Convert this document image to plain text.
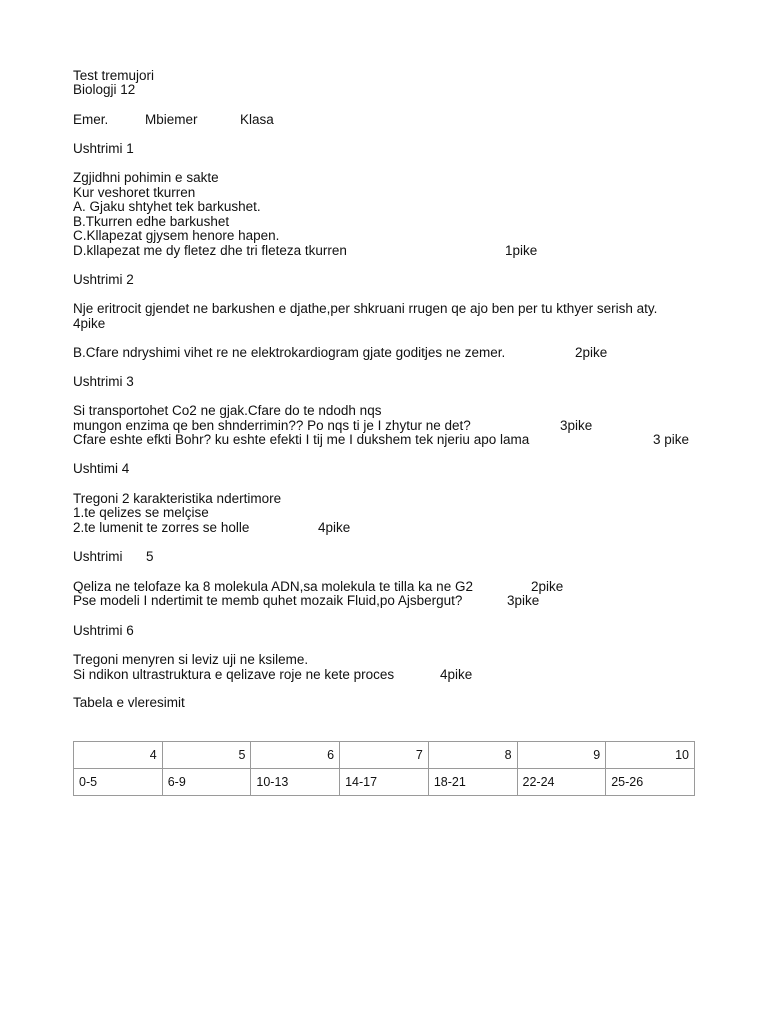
Test tremujori
Biologji 12
Emer.	Mbiemer	Klasa
Ushtrimi 1
Zgjidhni pohimin e sakte
Kur veshoret tkurren
A. Gjaku shtyhet tek barkushet.
B.Tkurren edhe barkushet
C.Kllapezat gjysem henore hapen.
D.kllapezat me dy fletez dhe tri fleteza tkurren	1pike
Ushtrimi 2
Nje eritrocit gjendet ne barkushen e djathe,per shkruani rrugen qe ajo ben per tu kthyer serish aty.
4pike
B.Cfare ndryshimi vihet re ne elektrokardiogram gjate goditjes ne zemer.	2pike
Ushtrimi 3
Si transportohet Co2 ne gjak.Cfare do te ndodh nqs
mungon enzima qe ben shnderrimin?? Po nqs ti je I zhytur ne det?	3pike
Cfare eshte efkti Bohr? ku eshte efekti I tij me I dukshem tek njeriu apo lama	3 pike
Ushtimi 4
Tregoni 2 karakteristika ndertimore
1.te qelizes se melçise
2.te lumenit te zorres se holle	4pike
Ushtrimi 5
Qeliza ne telofaze ka 8 molekula ADN,sa molekula te tilla ka ne G2	2pike
Pse modeli I ndertimit te memb quhet mozaik Fluid,po Ajsbergut?	3pike
Ushtrimi 6
Tregoni menyren si leviz uji ne ksileme.
Si ndikon ultrastruktura e qelizave roje ne kete proces	4pike
Tabela e vleresimit
4	5	6	7	8	9	10
0-5	6-9	10-13	14-17	18-21	22-24	25-26
